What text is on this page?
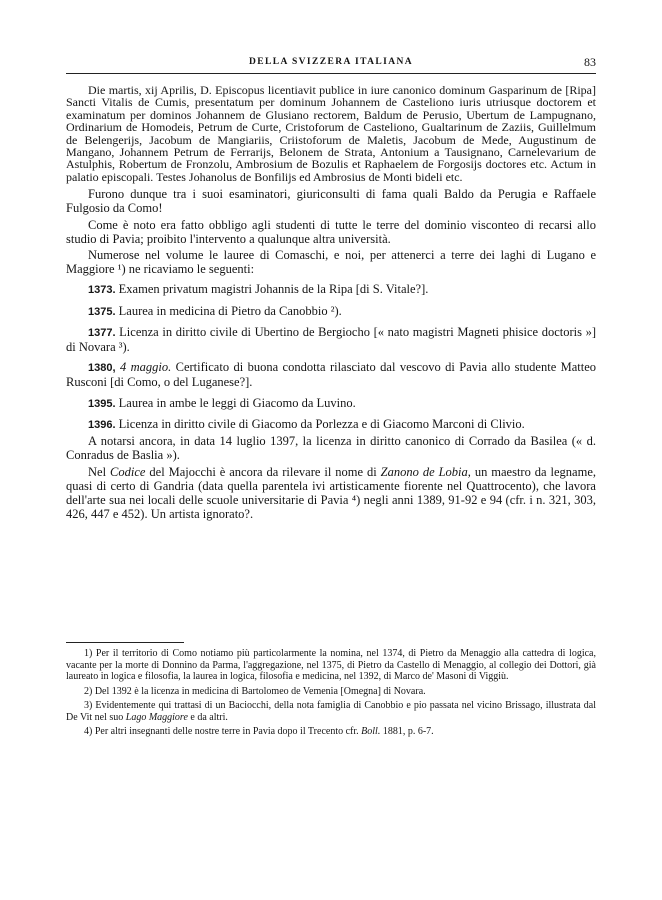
DELLA SVIZZERA ITALIANA	83

Die martis, xij Aprilis, D. Episcopus licentiavit publice in iure canonico dominum Gasparinum de [Ripa] Sancti Vitalis de Cumis, presentatum per dominum Johannem de Casteliono iuris utriusque doctorem et examinatum per dominos Johannem de Glusiano rectorem, Baldum de Perusio, Ubertum de Lampugnano, Ordinarium de Homodeis, Petrum de Curte, Cristoforum de Casteliono, Gualtarinum de Zaziis, Guillelmum de Belengerijs, Jacobum de Mangiariis, Criistoforum de Maletis, Jacobum de Mede, Augustinum de Mangano, Johannem Petrum de Ferrarijs, Belonem de Strata, Antonium a Tausignano, Carnelevarium de Astulphis, Robertum de Fronzolu, Ambrosium de Bozulis et Raphaelem de Forgosijs doctores etc. Actum in palatio episcopali. Testes Johanolus de Bonfilijs ed Ambrosius de Monti bideli etc.

Furono dunque tra i suoi esaminatori, giuriconsulti di fama quali Baldo da Perugia e Raffaele Fulgosio da Como!

Come è noto era fatto obbligo agli studenti di tutte le terre del dominio visconteo di recarsi allo studio di Pavia; proibito l'intervento a qualunque altra università.

Numerose nel volume le lauree di Comaschi, e noi, per attenerci a terre dei laghi di Lugano e Maggiore ¹) ne ricaviamo le seguenti:

1373. Examen privatum magistri Johannis de la Ripa [di S. Vitale?].

1375. Laurea in medicina di Pietro da Canobbio ²).

1377. Licenza in diritto civile di Ubertino de Bergiocho [« nato magistri Magneti phisice doctoris »] di Novara ³).

1380, 4 maggio. Certificato di buona condotta rilasciato dal vescovo di Pavia allo studente Matteo Rusconi [di Como, o del Luganese?].

1395. Laurea in ambe le leggi di Giacomo da Luvino.

1396. Licenza in diritto civile di Giacomo da Porlezza e di Giacomo Marconi di Clivio.

A notarsi ancora, in data 14 luglio 1397, la licenza in diritto canonico di Corrado da Basilea (« d. Conradus de Baslia »).

Nel Codice del Majocchi è ancora da rilevare il nome di Zanono de Lobia, un maestro da legname, quasi di certo di Gandria (data quella parentela ivi artisticamente fiorente nel Quattrocento), che lavora dell'arte sua nei locali delle scuole universitarie di Pavia ⁴) negli anni 1389, 91-92 e 94 (cfr. i n. 321, 303, 426, 447 e 452). Un artista ignorato?.

1) Per il territorio di Como notiamo più particolarmente la nomina, nel 1374, di Pietro da Menaggio alla cattedra di logica, vacante per la morte di Donnino da Parma, l'aggregazione, nel 1375, di Pietro da Castello di Menaggio, al collegio dei Dottori, già laureato in logica e filosofia, la laurea in logica, filosofia e medicina, nel 1392, di Marco de' Masoni di Viggiù.

2) Del 1392 è la licenza in medicina di Bartolomeo de Vemenia [Omegna] di Novara.

3) Evidentemente qui trattasi di un Baciocchi, della nota famiglia di Canobbio e pio passata nel vicino Brissago, illustrata dal De Vit nel suo Lago Maggiore e da altri.

4) Per altri insegnanti delle nostre terre in Pavia dopo il Trecento cfr. Boll. 1881, p. 6-7.
